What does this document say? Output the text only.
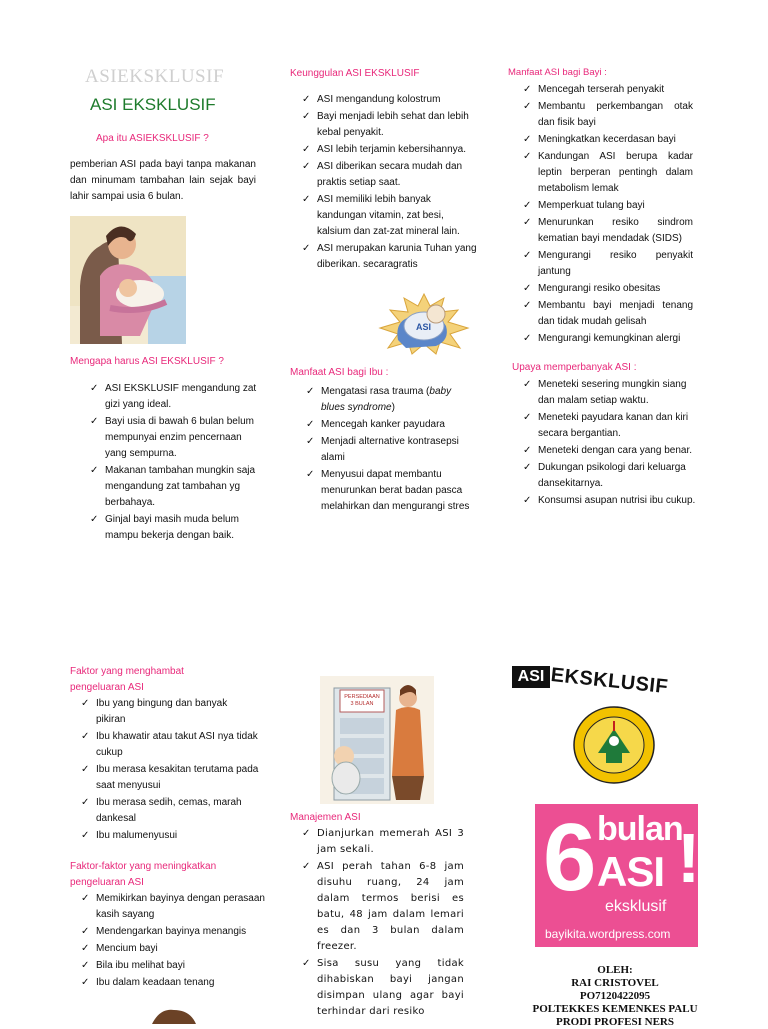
ASIEKSKLUSIF
ASI EKSKLUSIF
Apa itu ASIEKSKLUSIF ?
pemberian ASI pada bayi tanpa makanan dan minumam tambahan lain sejak bayi lahir sampai usia 6 bulan.
Mengapa harus ASI EKSKLUSIF ?
✓ ASI EKSKLUSIF mengandung zat gizi yang ideal.
✓ Bayi usia di bawah 6 bulan belum mempunyai enzim pencernaan yang sempurna.
✓ Makanan tambahan mungkin saja mengandung zat tambahan yg berbahaya.
✓ Ginjal bayi masih muda belum mampu bekerja dengan baik.
Keunggulan ASI EKSKLUSIF
✓ ASI mengandung kolostrum
✓ Bayi menjadi lebih sehat dan lebih kebal penyakit.
✓ ASI lebih terjamin kebersihannya.
✓ ASI diberikan secara mudah dan praktis setiap saat.
✓ ASI memiliki lebih banyak kandungan vitamin, zat besi, kalsium dan zat-zat mineral lain.
✓ ASI merupakan karunia Tuhan yang diberikan. secaragratis
ASI
Manfaat ASI bagi Ibu :
✓ Mengatasi rasa trauma (baby blues syndrome)
✓ Mencegah kanker payudara
✓ Menjadi alternative kontrasepsi alami
✓ Menyusui dapat membantu menurunkan berat badan pasca melahirkan dan mengurangi stres
Manfaat ASI bagi Bayi :
✓ Mencegah terserah penyakit
✓ Membantu perkembangan otak dan fisik bayi
✓ Meningkatkan kecerdasan bayi
✓ Kandungan ASI berupa kadar leptin berperan pentingh dalam metabolism lemak
✓ Memperkuat tulang bayi
✓ Menurunkan resiko sindrom kematian bayi mendadak (SIDS)
✓ Mengurangi resiko penyakit jantung
✓ Mengurangi resiko obesitas
✓ Membantu bayi menjadi tenang dan tidak mudah gelisah
✓ Mengurangi kemungkinan alergi
Upaya memperbanyak ASI :
✓ Meneteki sesering mungkin siang dan malam setiap waktu.
✓ Meneteki payudara kanan dan kiri secara bergantian.
✓ Meneteki dengan cara yang benar.
✓ Dukungan psikologi dari keluarga dansekitarnya.
✓ Konsumsi asupan nutrisi ibu cukup.
Faktor yang menghambat pengeluaran ASI
✓ Ibu yang bingung dan banyak pikiran
✓ Ibu khawatir atau takut ASI nya tidak cukup
✓ Ibu merasa kesakitan terutama pada saat menyusui
✓ Ibu merasa sedih, cemas, marah dankesal
✓ Ibu malumenyusui
Faktor-faktor yang meningkatkan pengeluaran ASI
✓ Memikirkan bayinya dengan perasaan kasih sayang
✓ Mendengarkan bayinya menangis
✓ Mencium bayi
✓ Bila ibu melihat bayi
✓ Ibu dalam keadaan tenang
PERSEDIAAN
3 BULAN
Manajemen ASI
✓ Dianjurkan memerah ASI 3 jam sekali.
✓ ASI perah tahan 6-8 jam disuhu ruang, 24 jam dalam termos berisi es batu, 48 jam dalam lemari es dan 3 bulan dalam freezer.
✓ Sisa susu yang tidak dihabiskan bayi jangan disimpan ulang agar bayi terhindar dari resiko
ASI EKSKLUSIF
6 bulan
ASI !
eksklusif
bayikita.wordpress.com
OLEH:
RAI CRISTOVEL
PO7120422095
POLTEKKES KEMENKES PALU
PRODI PROFESI NERS
